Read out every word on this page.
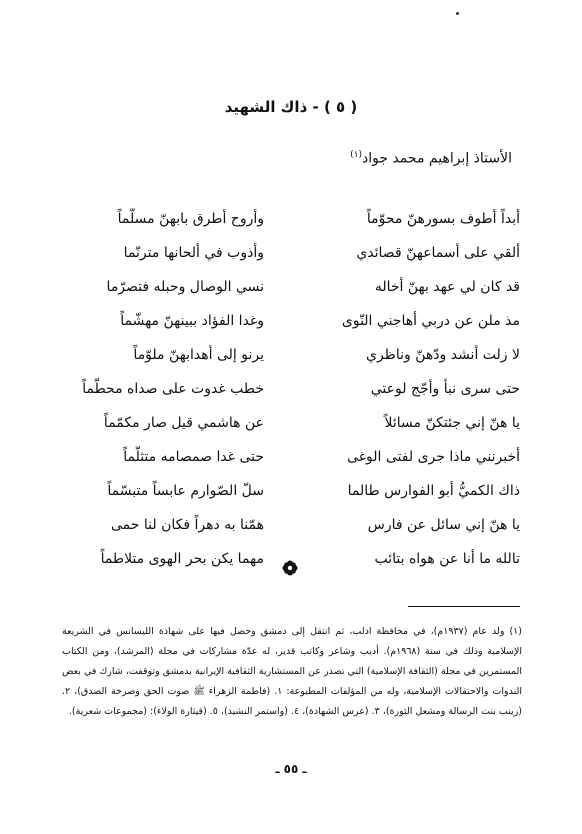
( ٥ ) - ذاك الشهيد
الأستاذ إبراهيم محمد جواد$^{(١)}$
أبداً أطوف بسورهنّ محوّماً
ألقي على أسماعهنّ قصائدي
قد كان لي عهد بهنّ أخاله
مذ ملن عن دربي أهاجني النّوى
لا زلت أنشد ودّهنّ وناظري
حتى سرى نبأ وأجّج لوعتي
يا هنّ إني جئتكنّ مسائلاً
أخبرنني ماذا جرى لفتى الوغى
ذاك الكميُّ أبو الفوارس طالما
يا هنّ إني سائل عن فارس
تالله ما أنا عن هواه بتائب
وأروح أطرق بابهنّ مسلّماً
وأذوب في ألحانها مترنّما
نسي الوصال وحبله فتصرّما
وغدا الفؤاد ببينهنّ مهشّماً
يرنو إلى أهدابهنّ ملوّماً
خطب غدوت على صداه محطّماً
عن هاشمي قيل صار مكمّماً
حتى غدا صمصامه متثلّماً
سلّ الصّوارم عابساً متبسّماً
همّنا به دهراً فكان لنا حمى
مهما يكن بحر الهوى متلاطماً
(١) ولد عام (١٩٣٧م)، في محافظة ادلب، ثم انتقل إلى دمشق وحصل فيها على شهادة الليسانس في الشريعة الإسلامية وذلك في سنة (١٩٦٨م). أديب وشاعر وكاتب قدير، له عدّة مشاركات في مجلة (المرشد)، ومن الكتاب المستمرين في مجلة (الثقافة الإسلامية) التي تصدر عن المستشارية الثقافية الإيرانية بدمشق وتوقفت، شارك في بعض الندوات والاحتفالات الإسلامية، وله من المؤلفات المطبوعة: ١. (فاطمة الزهراء ﷺ صوت الحق وصرخة الصدق)، ٢. (زينب بنت الرسالة ومشعل الثورة)، ٣. (عرس الشهادة)، ٤. (واستمر النشيد)، ٥. (قيثارة الولاء): (مجموعات شعرية).
ـ ٥٥ ـ
